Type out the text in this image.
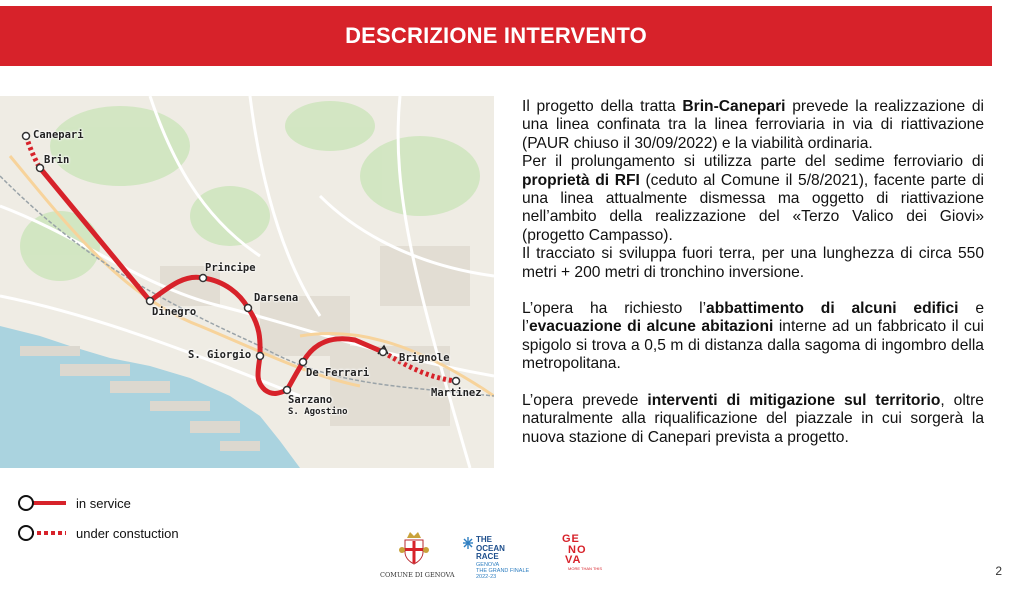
DESCRIZIONE INTERVENTO
Canepari
Brin
Dinegro
Principe
Darsena
S. Giorgio
De Ferrari
Sarzano
S. Agostino
Brignole
Martinez

Il progetto della tratta Brin-Canepari prevede la realizzazione di una linea confinata tra la linea ferroviaria in via di riattivazione (PAUR chiuso il 30/09/2022) e la viabilità ordinaria.

Per il prolungamento si utilizza parte del sedime ferroviario di proprietà di RFI (ceduto al Comune il 5/8/2021), facente parte di una linea attualmente dismessa ma oggetto di riattivazione nell’ambito della realizzazione del «Terzo Valico dei Giovi» (progetto Campasso).

Il tracciato si sviluppa fuori terra, per una lunghezza di circa 550 metri + 200 metri di tronchino inversione.

L’opera ha richiesto l’abbattimento di alcuni edifici e l’evacuazione di alcune abitazioni interne ad un fabbricato il cui spigolo si trova a 0,5 m di distanza dalla sagoma di ingombro della metropolitana.

L’opera prevede interventi di mitigazione sul territorio, oltre naturalmente alla riqualificazione del piazzale in cui sorgerà la nuova stazione di Canepari prevista a progetto.

in service
under constuction
COMUNE DI GENOVA
THE
OCEAN
RACE
GENOVA
THE GRAND FINALE
2022-23
GE
NO
VA
MORE THAN THIS	2
